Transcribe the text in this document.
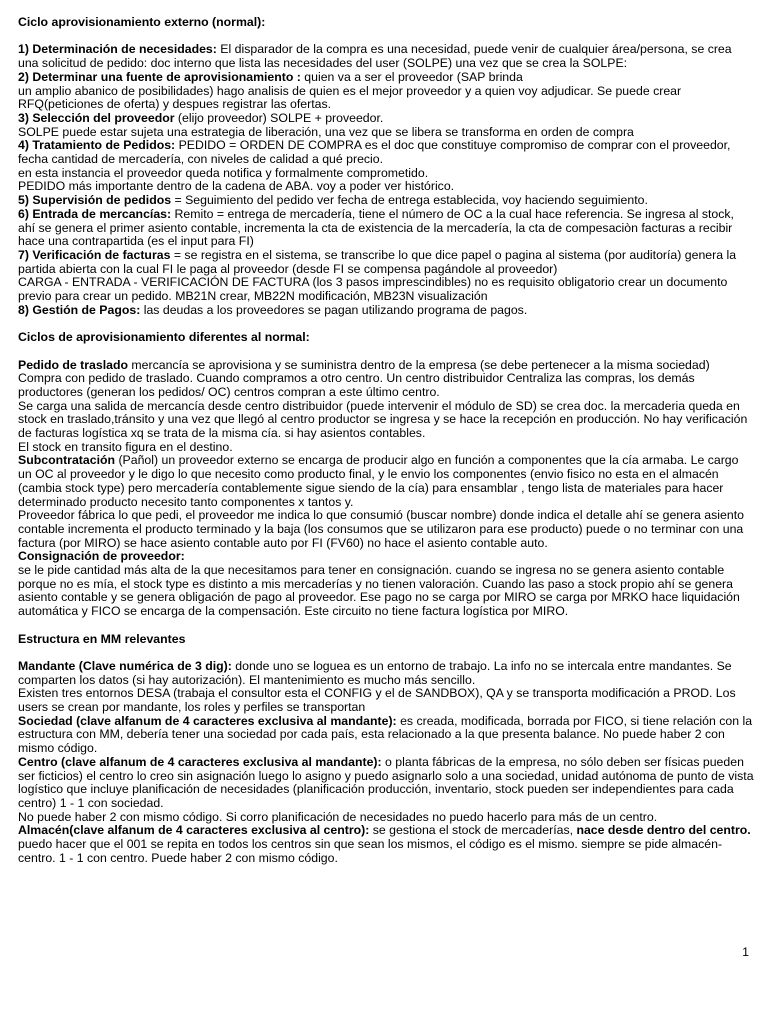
Ciclo aprovisionamiento externo (normal):

1) Determinación de necesidades: El disparador de la compra es una necesidad, puede venir de cualquier área/persona, se crea una solicitud de pedido: doc interno que lista las necesidades del user (SOLPE) una vez que se crea la SOLPE:

2) Determinar una fuente de aprovisionamiento : quien va a ser el proveedor (SAP brinda

un amplio abanico de posibilidades) hago analisis de quien es el mejor proveedor y a quien voy adjudicar. Se puede crear RFQ(peticiones de oferta) y despues registrar las ofertas.

3) Selección del proveedor (elijo proveedor) SOLPE + proveedor.

SOLPE puede estar sujeta una estrategia de liberación, una vez que se libera se transforma en orden de compra

4) Tratamiento de Pedidos: PEDIDO = ORDEN DE COMPRA es el doc que constituye compromiso de comprar con el proveedor, fecha cantidad de mercadería, con niveles de calidad a qué precio.

en esta instancia el proveedor queda notifica y formalmente comprometido.

PEDIDO más importante dentro de la cadena de ABA. voy a poder ver histórico.

5) Supervisión de pedidos = Seguimiento del pedido ver fecha de entrega establecida, voy haciendo seguimiento.

6) Entrada de mercancías: Remito = entrega de mercadería, tiene el número de OC a la cual hace referencia. Se ingresa al stock, ahí se genera el primer asiento contable, incrementa la cta de existencia de la mercadería, la cta de compesaciòn facturas a recibir hace una contrapartida (es el input para FI)

7) Verificación de facturas = se registra en el sistema, se transcribe lo que dice papel o pagina al sistema (por auditoría) genera la partida abierta con la cual FI le paga al proveedor (desde FI se compensa pagándole al proveedor)

CARGA - ENTRADA - VERIFICACIÓN DE FACTURA (los 3 pasos imprescindibles) no es requisito obligatorio crear un documento previo para crear un pedido. MB21N crear, MB22N modificación, MB23N visualización

8) Gestión de Pagos: las deudas a los proveedores se pagan utilizando programa de pagos.

Ciclos de aprovisionamiento diferentes al normal:

Pedido de traslado mercancía se aprovisiona y se suministra dentro de la empresa (se debe pertenecer a la misma sociedad)

Compra con pedido de traslado. Cuando compramos a otro centro. Un centro distribuidor Centraliza las compras, los demás productores (generan los pedidos/ OC) centros compran a este último centro.

Se carga una salida de mercancía desde centro distribuidor (puede intervenir el módulo de SD) se crea doc. la mercaderia queda en stock en traslado,tránsito y una vez que llegó al centro productor se ingresa y se hace la recepción en producción. No hay verificación de facturas logística xq se trata de la misma cía. si hay asientos contables.

El stock en transito figura en el destino.

Subcontratación (Pañol) un proveedor externo se encarga de producir algo en función a componentes que la cía armaba. Le cargo un OC al proveedor y le digo lo que necesito como producto final, y le envio los componentes (envio fisico no esta en el almacén (cambia stock type) pero mercadería contablemente sigue siendo de la cía) para ensamblar , tengo lista de materiales para hacer determinado producto necesito tanto componentes x tantos y.

Proveedor fábrica lo que pedi, el proveedor me indica lo que consumió (buscar nombre) donde indica el detalle ahí se genera asiento contable incrementa el producto terminado y la baja (los consumos que se utilizaron para ese producto) puede o no terminar con una factura (por MIRO) se hace asiento contable auto por FI (FV60) no hace el asiento contable auto.

Consignación de proveedor:

se le pide cantidad más alta de la que necesitamos para tener en consignación. cuando se ingresa no se genera asiento contable porque no es mía, el stock type es distinto a mis mercaderías y no tienen valoración. Cuando las paso a stock propio ahí se genera asiento contable y se genera obligación de pago al proveedor. Ese pago no se carga por MIRO se carga por MRKO hace liquidación automática y FICO se encarga de la compensación. Este circuito no tiene factura logística por MIRO.

Estructura en MM relevantes

Mandante (Clave numérica de 3 dig): donde uno se loguea es un entorno de trabajo. La info no se intercala entre mandantes. Se comparten los datos (si hay autorización). El mantenimiento es mucho más sencillo.

Existen tres entornos DESA (trabaja el consultor esta el CONFIG y el de SANDBOX), QA y se transporta modificación a PROD. Los users se crean por mandante, los roles y perfiles se transportan

Sociedad (clave alfanum de 4 caracteres exclusiva al mandante): es creada, modificada, borrada por FICO, si tiene relación con la estructura con MM, debería tener una sociedad por cada país, esta relacionado a la que presenta balance. No puede haber 2 con mismo código.

Centro (clave alfanum de 4 caracteres exclusiva al mandante): o planta fábricas de la empresa, no sólo deben ser físicas pueden ser ficticios) el centro lo creo sin asignación luego lo asigno y puedo asignarlo solo a una sociedad, unidad autónoma de punto de vista logístico que incluye planificación de necesidades (planificación producción, inventario, stock pueden ser independientes para cada centro) 1 - 1 con sociedad.

No puede haber 2 con mismo código. Si corro planificación de necesidades no puedo hacerlo para más de un centro.

Almacén(clave alfanum de 4 caracteres exclusiva al centro): se gestiona el stock de mercaderías, nace desde dentro del centro. puedo hacer que el 001 se repita en todos los centros sin que sean los mismos, el código es el mismo. siempre se pide almacén-centro. 1 - 1 con centro. Puede haber 2 con mismo código.

1
